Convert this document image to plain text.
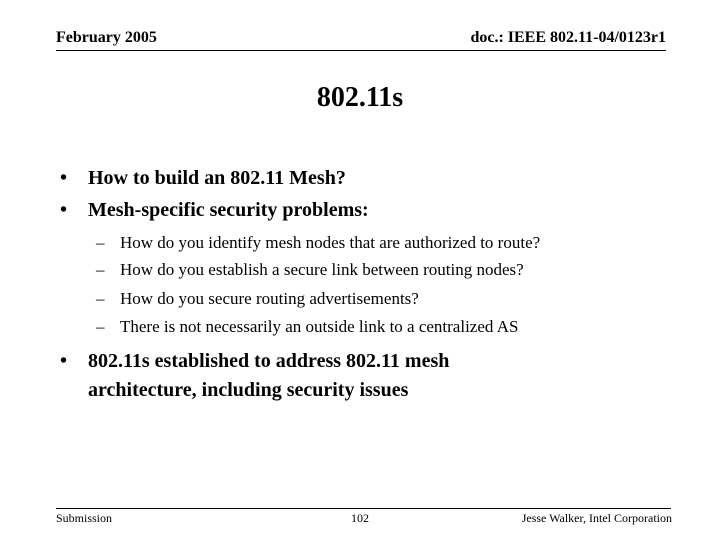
February 2005	doc.: IEEE 802.11-04/0123r1
802.11s
•	How to build an 802.11 Mesh?
•	Mesh-specific security problems:
– How do you identify mesh nodes that are authorized to route?
– How do you establish a secure link between routing nodes?
– How do you secure routing advertisements?
– There is not necessarily an outside link to a centralized AS
•	802.11s established to address 802.11 mesh
architecture, including security issues
Submission	102	Jesse Walker, Intel Corporation
